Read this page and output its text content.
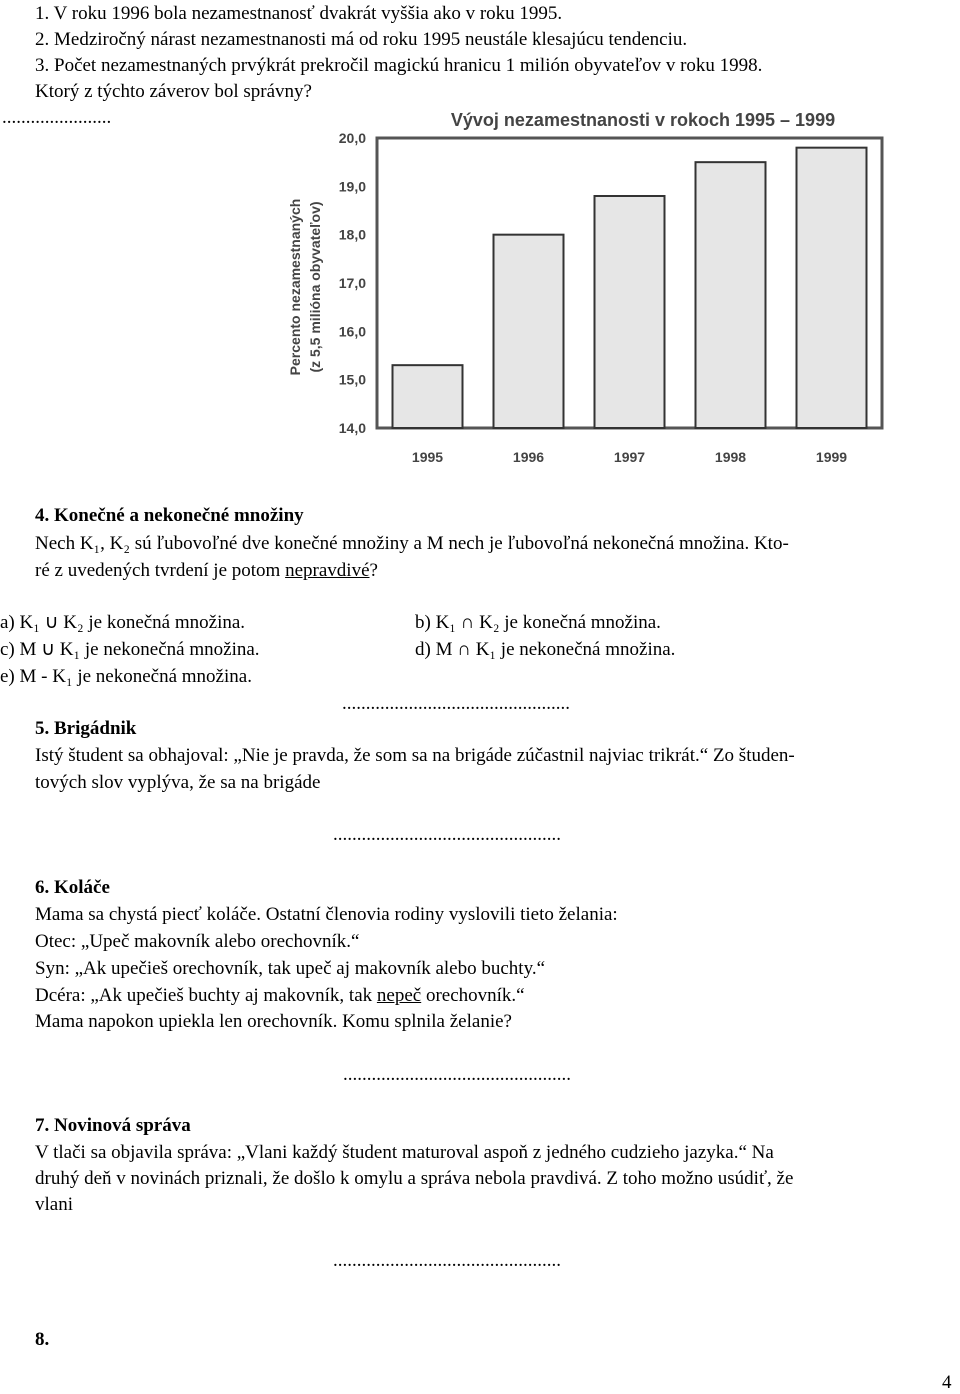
1. V roku 1996 bola nezamestnanosť dvakrát vyššia ako v roku 1995.
2. Medziročný nárast nezamestnanosti má od roku 1995 neustále klesajúcu tendenciu.
3. Počet nezamestnaných prvýkrát prekročil magickú hranicu 1 milión obyvateľov v roku 1998.
Ktorý z týchto záverov bol správny?
.......................	Vývoj nezamestnanosti v rokoch 1995 – 1999
Percento nezamestnaných (z 5,5 milióna obyvateľov)
14,0
15,0
16,0
17,0
18,0
19,0
20,0
1995	1996	1997	1998	1999
4. Konečné a nekonečné množiny
Nech K₁, K₂ sú ľubovoľné dve konečné množiny a M nech je ľubovoľná nekonečná množina. Kto-
ré z uvedených tvrdení je potom nepravdivé?
a) K₁ ∪ K₂ je konečná množina.	b) K₁ ∩ K₂ je konečná množina.
c) M ∪ K₁ je nekonečná množina.	d) M ∩ K₁ je nekonečná množina.
e) M - K₁ je nekonečná množina.
................................................
5. Brigádnik
Istý študent sa obhajoval: „Nie je pravda, že som sa na brigáde zúčastnil najviac trikrát.“ Zo študen-
tových slov vyplýva, že sa na brigáde
................................................
6. Koláče
Mama sa chystá piecť koláče. Ostatní členovia rodiny vyslovili tieto želania:
Otec: „Upeč makovník alebo orechovník.“
Syn: „Ak upečieš orechovník, tak upeč aj makovník alebo buchty.“
Dcéra: „Ak upečieš buchty aj makovník, tak nepeč orechovník.“
Mama napokon upiekla len orechovník. Komu splnila želanie?
................................................
7. Novinová správa
V tlači sa objavila správa: „Vlani každý študent maturoval aspoň z jedného cudzieho jazyka.“ Na
druhý deň v novinách priznali, že došlo k omylu a správa nebola pravdivá. Z toho možno usúdiť, že
vlani
................................................
8.
4
